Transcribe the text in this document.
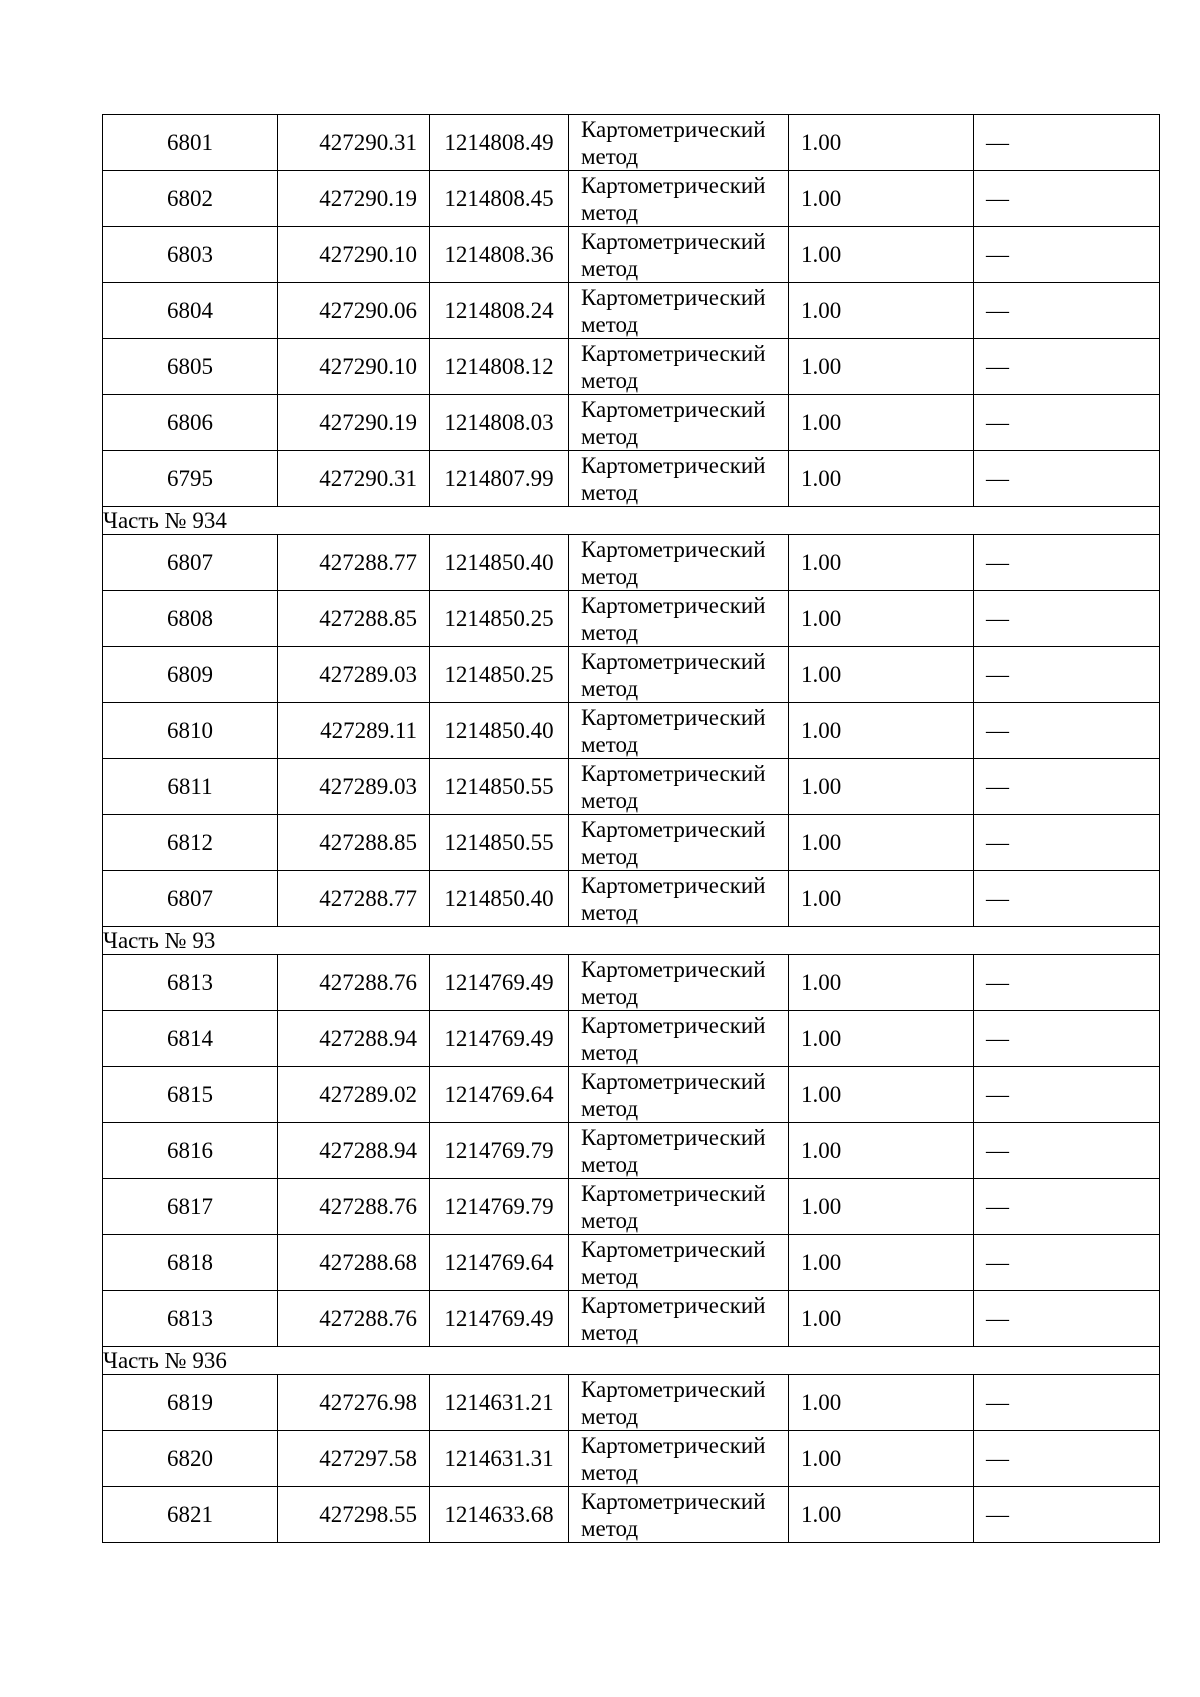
6801	427290.31	1214808.49	Картометрический
метод	1.00	—
6802	427290.19	1214808.45	Картометрический
метод	1.00	—
6803	427290.10	1214808.36	Картометрический
метод	1.00	—
6804	427290.06	1214808.24	Картометрический
метод	1.00	—
6805	427290.10	1214808.12	Картометрический
метод	1.00	—
6806	427290.19	1214808.03	Картометрический
метод	1.00	—
6795	427290.31	1214807.99	Картометрический
метод	1.00	—
Часть № 934					
6807	427288.77	1214850.40	Картометрический
метод	1.00	—
6808	427288.85	1214850.25	Картометрический
метод	1.00	—
6809	427289.03	1214850.25	Картометрический
метод	1.00	—
6810	427289.11	1214850.40	Картометрический
метод	1.00	—
6811	427289.03	1214850.55	Картометрический
метод	1.00	—
6812	427288.85	1214850.55	Картометрический
метод	1.00	—
6807	427288.77	1214850.40	Картометрический
метод	1.00	—
Часть № 93					
6813	427288.76	1214769.49	Картометрический
метод	1.00	—
6814	427288.94	1214769.49	Картометрический
метод	1.00	—
6815	427289.02	1214769.64	Картометрический
метод	1.00	—
6816	427288.94	1214769.79	Картометрический
метод	1.00	—
6817	427288.76	1214769.79	Картометрический
метод	1.00	—
6818	427288.68	1214769.64	Картометрический
метод	1.00	—
6813	427288.76	1214769.49	Картометрический
метод	1.00	—
Часть № 936					
6819	427276.98	1214631.21	Картометрический
метод	1.00	—
6820	427297.58	1214631.31	Картометрический
метод	1.00	—
6821	427298.55	1214633.68	Картометрический
метод	1.00	—
